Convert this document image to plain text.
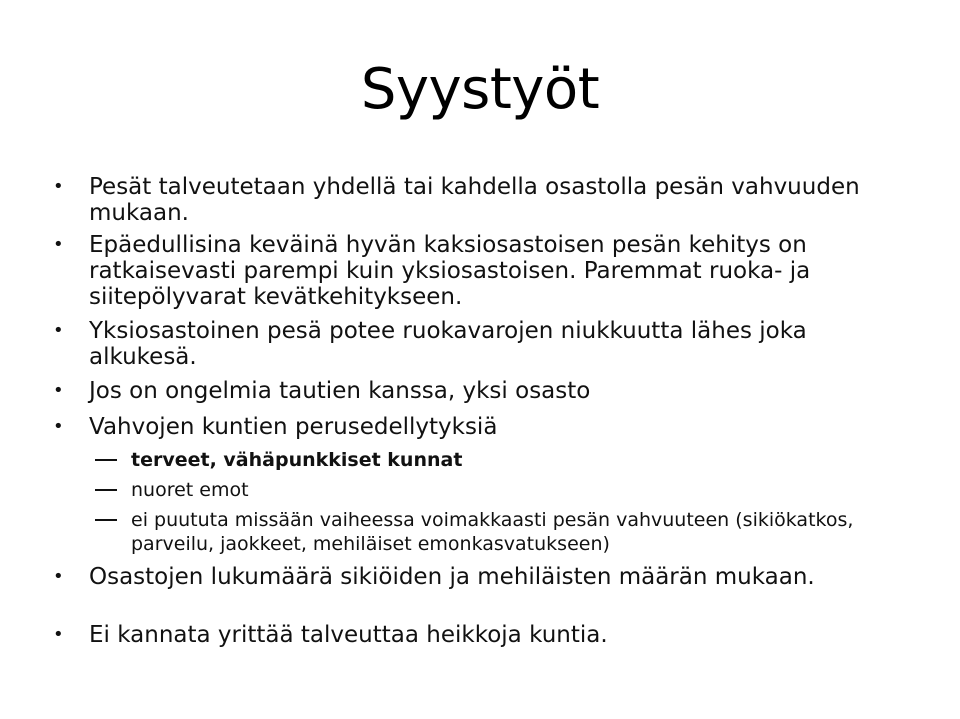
Syystyöt
• Pesät talveutetaan yhdellä tai kahdella osastolla pesän vahvuuden mukaan.
• Epäedullisina keväinä hyvän kaksiosastoisen pesän kehitys on ratkaisevasti parempi kuin yksiosastoisen. Paremmat ruoka- ja siitepölyvarat kevätkehitykseen.
• Yksiosastoinen pesä potee ruokavarojen niukkuutta lähes joka alkukesä.
• Jos on ongelmia tautien kanssa, yksi osasto
• Vahvojen kuntien perusedellytyksiä
terveet, vähäpunkkiset kunnat
nuoret emot
ei puututa missään vaiheessa voimakkaasti pesän vahvuuteen (sikiökatkos, parveilu, jaokkeet, mehiläiset emonkasvatukseen)
• Osastojen lukumäärä sikiöiden ja mehiläisten määrän mukaan.
• Ei kannata yrittää talveuttaa heikkoja kuntia.
